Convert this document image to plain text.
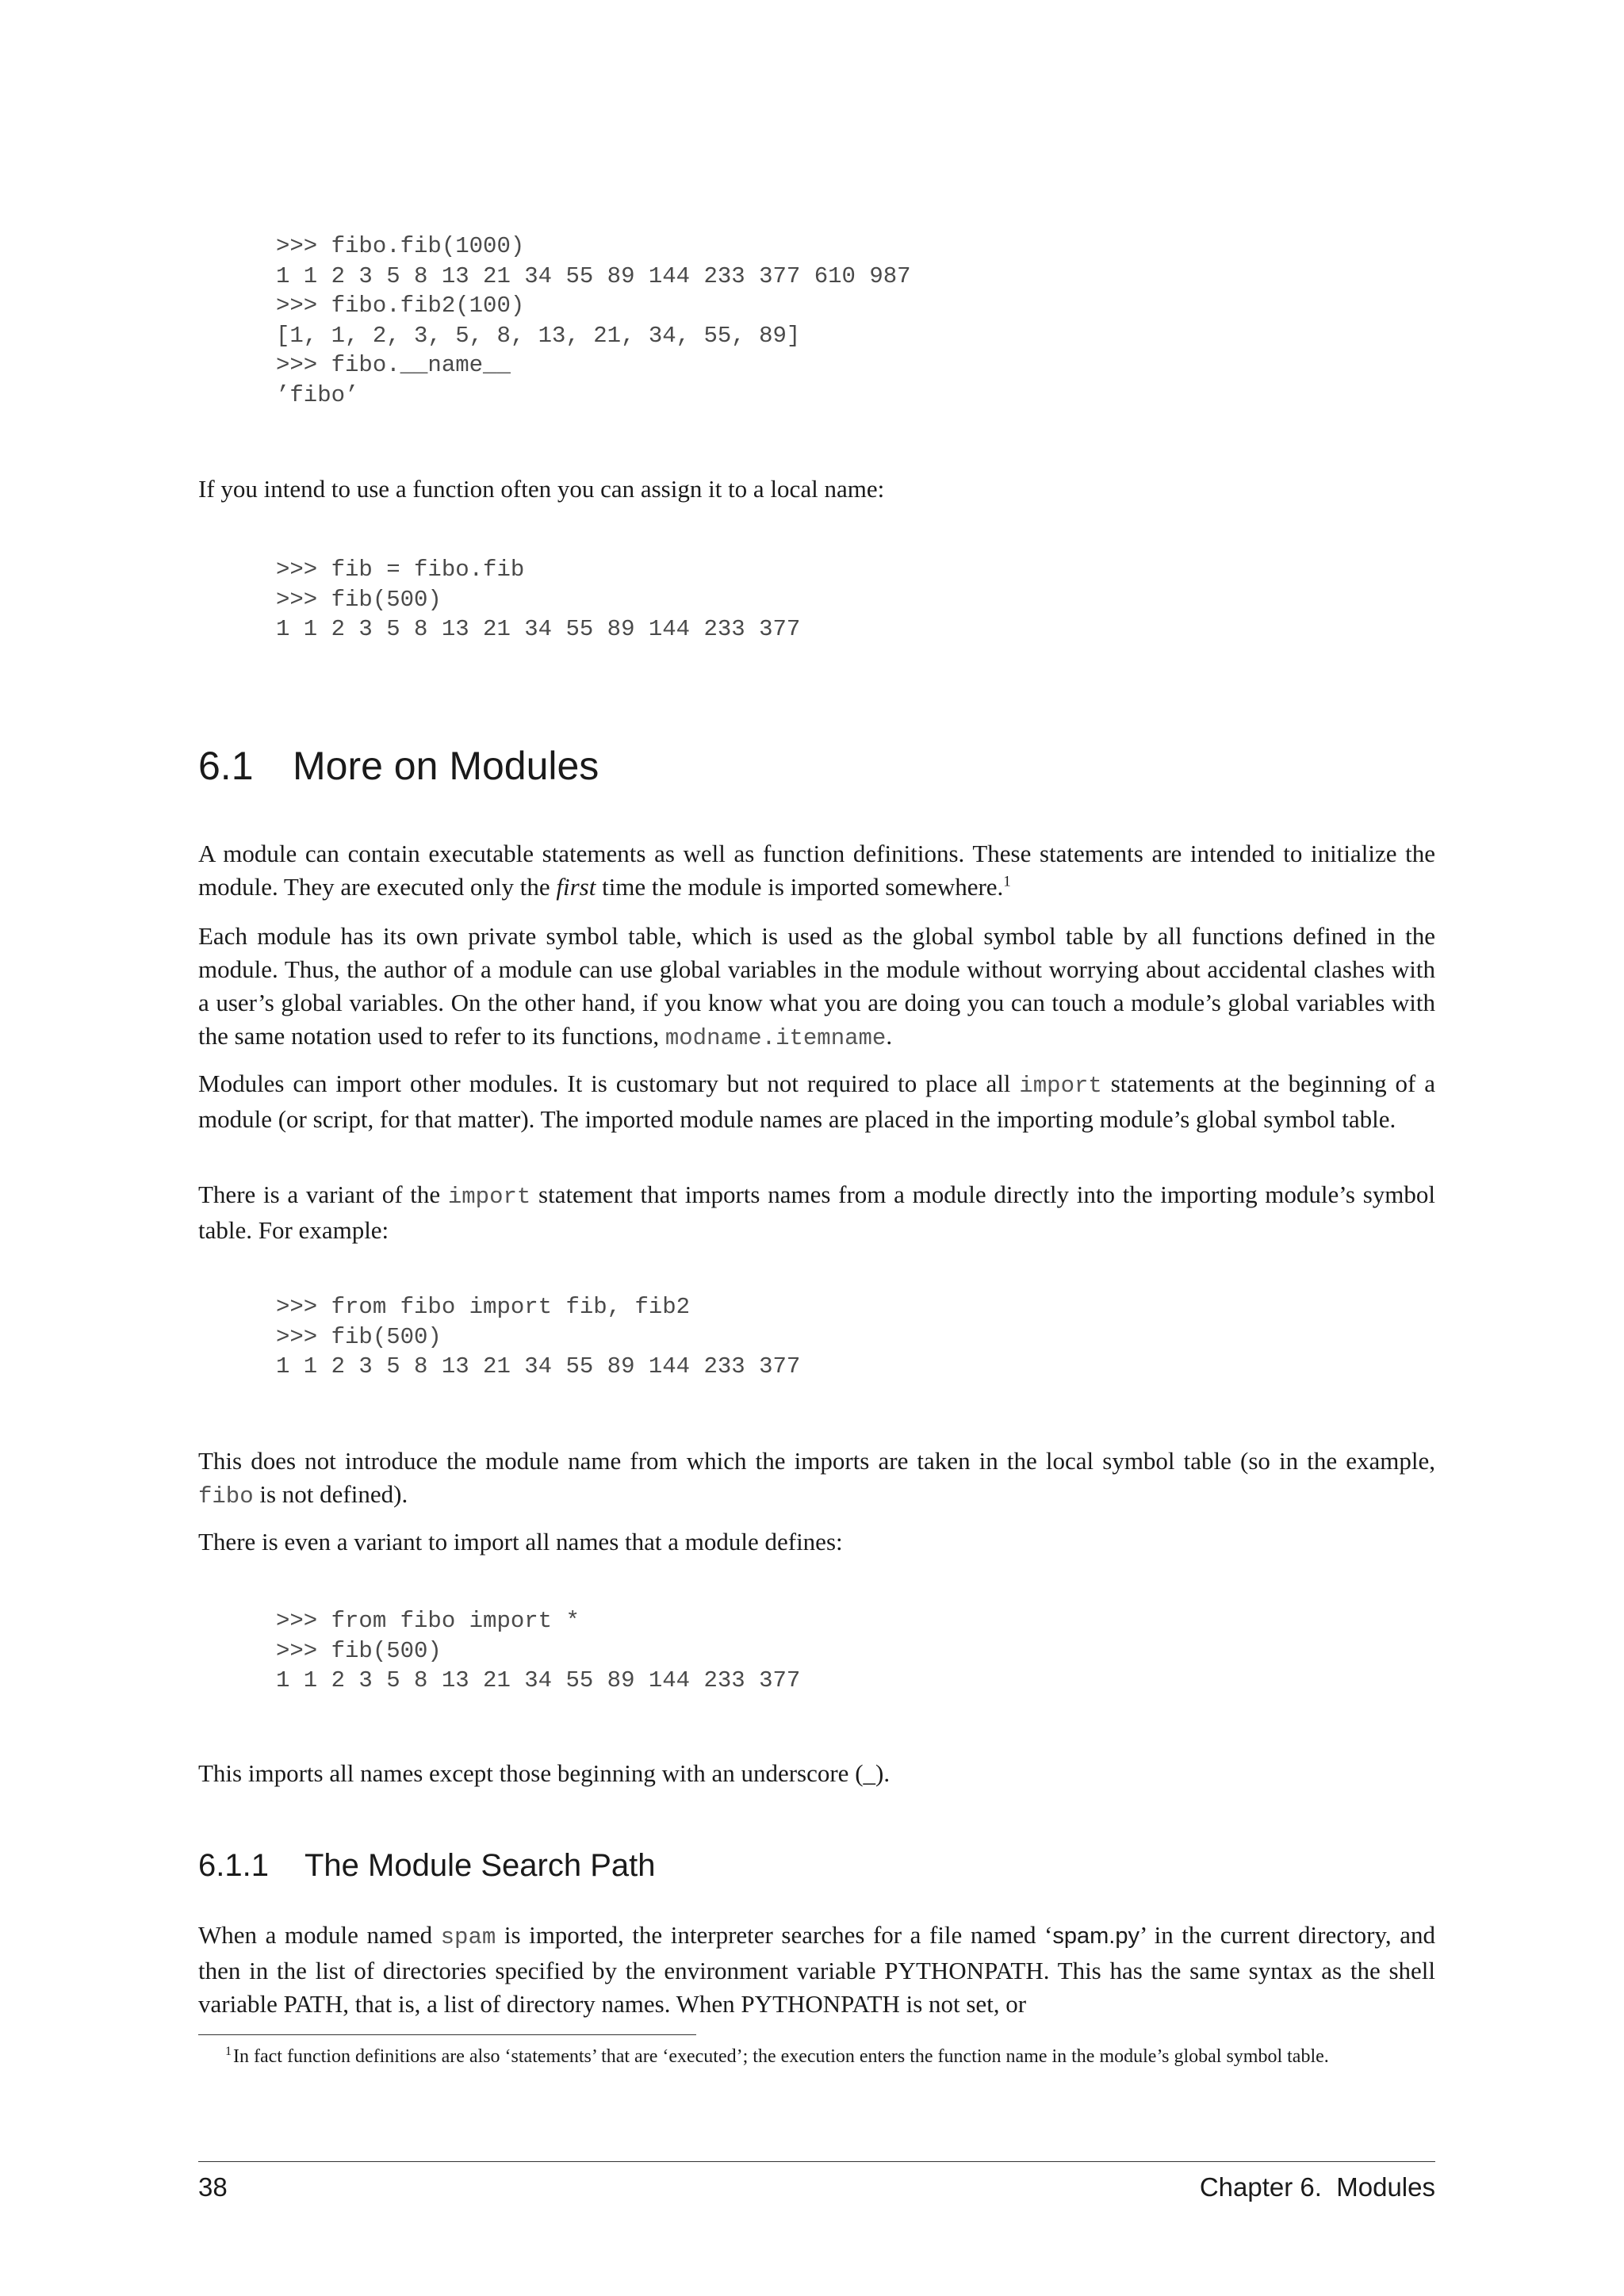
>>> fibo.fib(1000)
1 1 2 3 5 8 13 21 34 55 89 144 233 377 610 987
>>> fibo.fib2(100)
[1, 1, 2, 3, 5, 8, 13, 21, 34, 55, 89]
>>> fibo.__name__
’fibo’

If you intend to use a function often you can assign it to a local name:

>>> fib = fibo.fib
>>> fib(500)
1 1 2 3 5 8 13 21 34 55 89 144 233 377
6.1 More on Modules

A module can contain executable statements as well as function definitions. These statements are intended to initialize the module. They are executed only the first time the module is imported somewhere.$^1$

Each module has its own private symbol table, which is used as the global symbol table by all functions defined in the module. Thus, the author of a module can use global variables in the module without worrying about accidental clashes with a user’s global variables. On the other hand, if you know what you are doing you can touch a module’s global variables with the same notation used to refer to its functions, modname.itemname.

Modules can import other modules. It is customary but not required to place all import statements at the beginning of a module (or script, for that matter). The imported module names are placed in the importing module’s global symbol table.

There is a variant of the import statement that imports names from a module directly into the importing module’s symbol table. For example:

>>> from fibo import fib, fib2
>>> fib(500)
1 1 2 3 5 8 13 21 34 55 89 144 233 377

This does not introduce the module name from which the imports are taken in the local symbol table (so in the example, fibo is not defined).

There is even a variant to import all names that a module defines:

>>> from fibo import *
>>> fib(500)
1 1 2 3 5 8 13 21 34 55 89 144 233 377

This imports all names except those beginning with an underscore (_).

6.1.1 The Module Search Path

When a module named spam is imported, the interpreter searches for a file named ‘spam.py’ in the current directory, and then in the list of directories specified by the environment variable PYTHONPATH. This has the same syntax as the shell variable PATH, that is, a list of directory names. When PYTHONPATH is not set, or

$^1$In fact function definitions are also ‘statements’ that are ‘executed’; the execution enters the function name in the module’s global symbol table.

38	Chapter 6.  Modules
